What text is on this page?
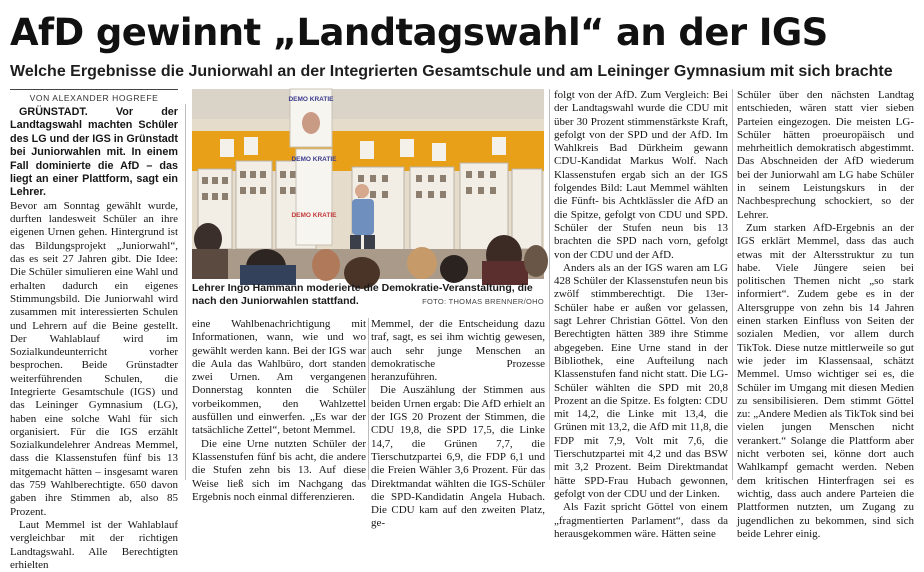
AfD gewinnt „Landtagswahl“ an der IGS
Welche Ergebnisse die Juniorwahl an der Integrierten Gesamtschule und am Leininger Gymnasium mit sich brachte
VON ALEXANDER HOGREFE

GRÜNSTADT. Vor der Landtagswahl machten Schüler des LG und der IGS in Grünstadt bei Juniorwahlen mit. In einem Fall dominierte die AfD – das liegt an einer Plattform, sagt ein Lehrer.

Bevor am Sonntag gewählt wurde, durften landesweit Schüler an ihre eigenen Urnen gehen. Hintergrund ist das Bildungsprojekt „Juniorwahl“, das es seit 27 Jahren gibt. Die Idee: Die Schüler simulieren eine Wahl und erhalten dadurch ein eigenes Stimmungsbild. Die Juniorwahl wird zusammen mit interessierten Schulen und Lehrern auf die Beine gestellt. Der Wahlablauf wird im Sozialkundeunterricht vorher besprochen. Beide Grünstadter weiterführenden Schulen, die Integrierte Gesamtschule (IGS) und das Leininger Gymnasium (LG), haben eine solche Wahl für sich organisiert. Für die IGS erzählt Sozialkundelehrer Andreas Memmel, dass die Klassenstufen fünf bis 13 mitgemacht hätten – insgesamt waren das 759 Wahlberechtigte. 650 davon gaben ihre Stimmen ab, also 85 Prozent.

Laut Memmel ist der Wahlablauf vergleichbar mit der richtigen Landtagswahl. Alle Berechtigten erhielten

DEMO KRATIE
DEMO KRATIE
DEMO KRATIE
Lehrer Ingo Hammann moderierte die Demokratie-Veranstaltung, die nach den Juniorwahlen stattfand.	FOTO: THOMAS BRENNER/OHO

eine Wahlbenachrichtigung mit Informationen, wann, wie und wo gewählt werden kann. Bei der IGS war die Aula das Wahlbüro, dort standen zwei Urnen. Am vergangenen Donnerstag konnten die Schüler vorbeikommen, den Wahlzettel ausfüllen und einwerfen. „Es war der tatsächliche Zettel“, betont Memmel.

Die eine Urne nutzten Schüler der Klassenstufen fünf bis acht, die andere die Stufen zehn bis 13. Auf diese Weise ließ sich im Nachgang das Ergebnis noch einmal differenzieren.

Memmel, der die Entscheidung dazu traf, sagt, es sei ihm wichtig gewesen, auch sehr junge Menschen an demokratische Prozesse heranzuführen.

Die Auszählung der Stimmen aus beiden Urnen ergab: Die AfD erhielt an der IGS 20 Prozent der Stimmen, die CDU 19,8, die SPD 17,5, die Linke 14,7, die Grünen 7,7, die Tierschutzpartei 6,9, die FDP 6,1 und die Freien Wähler 3,6 Prozent. Für das Direktmandat wählten die IGS-Schüler die SPD-Kandidatin Angela Hubach. Die CDU kam auf den zweiten Platz, ge-

folgt von der AfD. Zum Vergleich: Bei der Landtagswahl wurde die CDU mit über 30 Prozent stimmenstärkste Kraft, gefolgt von der SPD und der AfD. Im Wahlkreis Bad Dürkheim gewann CDU-Kandidat Markus Wolf. Nach Klassenstufen ergab sich an der IGS folgendes Bild: Laut Memmel wählten die Fünft- bis Achtklässler die AfD an die Spitze, gefolgt von CDU und SPD. Schüler der Stufen neun bis 13 brachten die SPD nach vorn, gefolgt von der CDU und der AfD.

Anders als an der IGS waren am LG 428 Schüler der Klassenstufen neun bis zwölf stimmberechtigt. Die 13er-Schüler habe er außen vor gelassen, sagt Lehrer Christian Göttel. Von den Berechtigten hätten 389 ihre Stimme abgegeben. Eine Urne stand in der Bibliothek, eine Aufteilung nach Klassenstufen fand nicht statt. Die LG-Schüler wählten die SPD mit 20,8 Prozent an die Spitze. Es folgten: CDU mit 14,2, die Linke mit 13,4, die Grünen mit 13,2, die AfD mit 11,8, die FDP mit 7,9, Volt mit 7,6, die Tierschutzpartei mit 4,2 und das BSW mit 3,2 Prozent. Beim Direktmandat hätte SPD-Frau Hubach gewonnen, gefolgt von der CDU und der Linken.

Als Fazit spricht Göttel von einem „fragmentierten Parlament“, dass da herausgekommen wäre. Hätten seine

Schüler über den nächsten Landtag entschieden, wären statt vier sieben Parteien eingezogen. Die meisten LG-Schüler hätten proeuropäisch und mehrheitlich demokratisch abgestimmt. Das Abschneiden der AfD wiederum bei der Juniorwahl am LG habe Schüler in seinem Leistungskurs in der Nachbesprechung schockiert, so der Lehrer.

Zum starken AfD-Ergebnis an der IGS erklärt Memmel, dass das auch etwas mit der Altersstruktur zu tun habe. Viele Jüngere seien bei politischen Themen nicht „so stark informiert“. Zudem gebe es in der Altersgruppe von zehn bis 14 Jahren einen starken Einfluss von Seiten der sozialen Medien, vor allem durch TikTok. Diese nutze mittlerweile so gut wie jeder im Klassensaal, schätzt Memmel. Umso wichtiger sei es, die Schüler im Umgang mit diesen Medien zu sensibilisieren. Dem stimmt Göttel zu: „Andere Medien als TikTok sind bei vielen jungen Menschen nicht verankert.“ Solange die Plattform aber nicht verboten sei, könne dort auch Wahlkampf gemacht werden. Neben dem kritischen Hinterfragen sei es wichtig, dass auch andere Parteien die Plattformen nutzten, um Zugang zu jugendlichen zu bekommen, sind sich beide Lehrer einig.
